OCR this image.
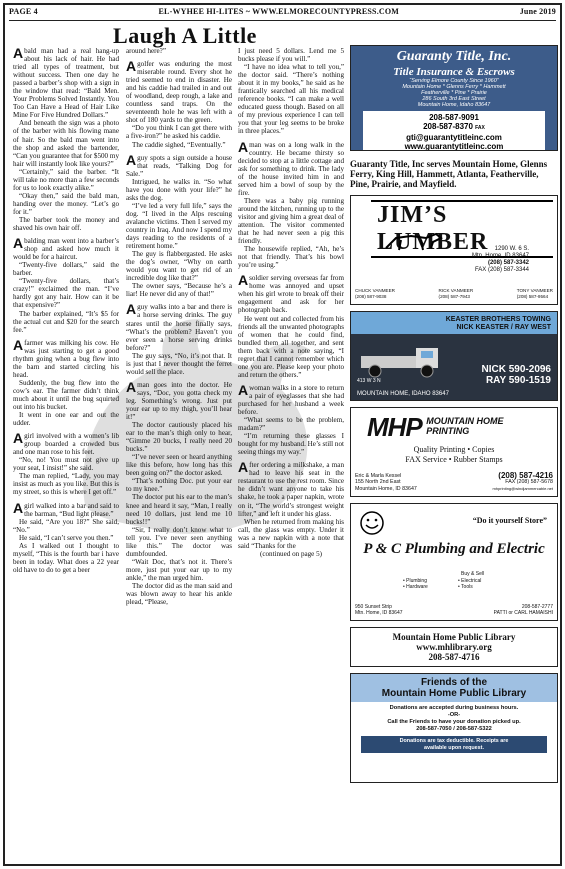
PAGE 4	EL-WYHEE HI-LITES ~ WWW.ELMORECOUNTYPRESS.COM	June 2019
Laugh A Little

A bald man had a real hang-up about his lack of hair. He had tried all types of treatment, but without success. Then one day he passed a barber’s shop with a sign in the window that read: “Bald Men. Your Problems Solved Instantly. You Too Can Have a Head of Hair Like Mine For Five Hundred Dollars.”

And beneath the sign was a photo of the barber with his flowing mane of hair. So the bald man went into the shop and asked the bartender, “Can you guarantee that for $500 my hair will instantly look like yours?”

“Certainly,” said the barber. “It will take no more than a few seconds for us to look exactly alike.”

“Okay then,” said the bald man, handing over the money. “Let’s go for it.”

The barber took the money and shaved his own hair off.

A balding man went into a barber’s shop and asked how much it would be for a haircut.

“Twenty-five dollars,” said the barber.

“Twenty-five dollars, that’s crazy!” exclaimed the man. “I’ve hardly got any hair. How can it be that expensive?”

The barber explained, “It’s $5 for the actual cut and $20 for the search fee.”

A farmer was milking his cow. He was just starting to get a good rhythm going when a bug flew into the barn and started circling his head.

Suddenly, the bug flew into the cow’s ear. The farmer didn’t think much about it until the bug squirted out into his bucket.

It went in one ear and out the udder.

A girl involved with a women’s lib group boarded a crowded bus and one man rose to his feet.

“No, no! You must not give up your seat, I insist!” she said.

The man replied, “Lady, you may insist as much as you like. But this is my street, so this is where I get off.”

A girl walked into a bar and said to the barman, “Bud light please.”

He said, “Are you 18?” She said, “No.”

He said, “I can’t serve you then.”

As I walked out I thought to myself, “This is the fourth bar i have been in today. What does a 22 year old have to do to get a beer

around here?”

A golfer was enduring the most miserable round. Every shot he tried seemed to end in disaster. He and his caddie had trailed in and out of woodland, deep rough, a lake and countless sand traps. On the seventeenth hole he was left with a shot of 180 yards to the green.

“Do you think I can get there with a five-iron?” he asked his caddie.

The caddie sighed, “Eventually.”

A guy spots a sign outside a house that reads, “Talking Dog for Sale.”

Intrigued, he walks in. “So what have you done with your life?” he asks the dog.

“I’ve led a very full life,” says the dog. “I lived in the Alps rescuing avalanche victims. Then I served my country in Iraq. And now I spend my days reading to the residents of a retirement home.”

The guy is flabbergasted. He asks the dog’s owner, “Why on earth would you want to get rid of an incredible dog like that?”

The owner says, “Because he’s a liar! He never did any of that!”

A guy walks into a bar and there is a horse serving drinks. The guy stares until the horse finally says, “What’s the problem? Haven’t you ever seen a horse serving drinks before?”

The guy says, “No, it’s not that. It is just that I never thought the ferret would sell the place.

A man goes into the doctor. He says, “Doc, you gotta check my leg. Something’s wrong. Just put your ear up to my thigh, you’ll hear it!”

The doctor cautiously placed his ear to the man’s thigh only to hear, “Gimme 20 bucks, I really need 20 bucks.”

“I’ve never seen or heard anything like this before, how long has this been going on?” the doctor asked.

“That’s nothing Doc. put your ear to my knee.”

The doctor put his ear to the man’s knee and heard it say, “Man, I really need 10 dollars, just lend me 10 bucks!!”

“Sir, I really don’t know what to tell you. I’ve never seen anything like this.” The doctor was dumbfounded.

“Wait Doc, that’s not it. There’s more, just put your ear up to my ankle,” the man urged him.

The doctor did as the man said and was blown away to hear his ankle plead, “Please,

I just need 5 dollars. Lend me 5 bucks please if you will.”

“I have no idea what to tell you,” the doctor said. “There’s nothing about it in my books,” he said as he frantically searched all his medical reference books. “I can make a well educated guess though. Based on all of my previous experience I can tell you that your leg seems to be broke in three places.”

A man was on a long walk in the country. He became thirsty so decided to stop at a little cottage and ask for something to drink. The lady of the house invited him in and served him a bowl of soup by the fire.

There was a baby pig running around the kitchen, running up to the visitor and giving him a great deal of attention. The visitor commented that he had never seen a pig this friendly.

The housewife replied, “Ah, he’s not that friendly. That’s his bowl you’re using.”

A soldier serving overseas far from home was annoyed and upset when his girl wrote to break off their engagement and ask for her photograph back.

He went out and collected from his friends all the unwanted photographs of women that he could find, bundled them all together, and sent them back with a note saying, “I regret that I cannot remember which one you are. Please keep your photo and return the others.”

A woman walks in a store to return a pair of eyeglasses that she had purchased for her husband a week before.

“What seems to be the problem, madam?”

“I’m returning these glasses I bought for my husband. He’s still not seeing things my way.”

After ordering a milkshake, a man had to leave his seat in the restaurant to use the rest room. Since he didn’t want anyone to take his shake, he took a paper napkin, wrote on it, “The world’s strongest weight lifter,” and left it under his glass.

When he returned from making his call, the glass was empty. Under it was a new napkin with a note that said “Thanks for the

(continued on page 5)

Guaranty Title, Inc.
Title Insurance & Escrows
“Serving Elmore County Since 1960”
Mountain Home * Glenns Ferry * Hammett
Featherville * Pine * Prairie
286 South 3rd East Street
Mountain Home, Idaho 83647
208-587-9091
208-587-8370 FAX
gti@guarantytitleinc.com
www.guarantytitleinc.com
Guaranty Title, Inc serves Mountain Home, Glenns Ferry, King Hill, Hammett, Atlanta, Featherville, Pine, Prairie, and Mayfield.
JIM’S LUMBER	1290 W. 6 S.
Mtn. Home, ID 83647
(208) 587-3342
FAX (208) 587-3344
CHUCK VANMEER
(208) 587-9038
RICK VANMEER
(208) 587-7943
TONY VANMEER
(208) 587-9564
KEASTER BROTHERS TOWING
NICK KEASTER / RAY WEST
413 W 3 N
MOUNTAIN HOME, IDAHO 83647
NICK 590-2096
RAY 590-1519
MHP MOUNTAIN HOME
PRINTING
Quality Printing • Copies
FAX Service • Rubber Stamps
Eric & Marla Kessel
155 North 2nd East
Mountain Home, ID 83647
(208) 587-4216
FAX (208) 587-5678
mhprinting@windjammercable.net
“Do it yourself Store”
P & C Plumbing and Electric
Buy & Sell
• Plumbing	• Electrical
• Hardware	• Tools
950 Sunset Strip
Mtn. Home, ID 83647
208-587-2777
PATTI or CARL HAMAISHI
Mountain Home Public Library
www.mhlibrary.org
208-587-4716
Friends of the
Mountain Home Public Library
Donations are accepted during business hours.
-OR-
Call the Friends to have your donation picked up.
208-587-7050 / 208-587-5322
Donations are tax deductible. Receipts are
available upon request.
